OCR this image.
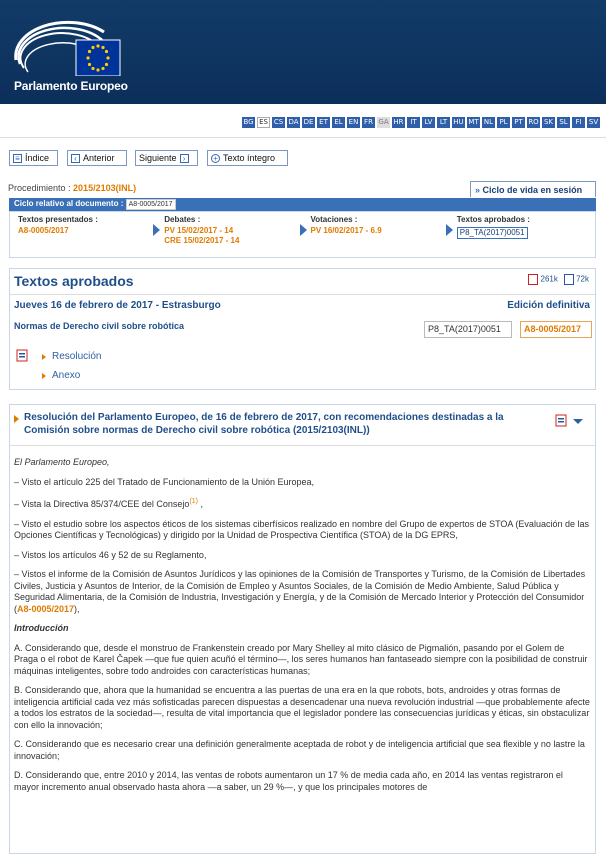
Parlamento Europeo
BG ES CS DA DE ET EL EN FR GA HR IT	LV	LT HU MT NL PL PT RO SK SL	FI	SV
≡ Índice	‹ Anterior	Siguiente ›	+ Texto íntegro
Procedimiento : 2015/2103(INL)	» Ciclo de vida en sesión
Ciclo relativo al documento : A8-0005/2017
Textos presentados :
A8-0005/2017
Debates :
PV 15/02/2017 - 14
CRE 15/02/2017 - 14
Votaciones :
PV 16/02/2017 - 6.9
Textos aprobados :
P8_TA(2017)0051
Textos aprobados	261k	72k
Jueves 16 de febrero de 2017 - Estrasburgo	Edición definitiva
Normas de Derecho civil sobre robótica	P8_TA(2017)0051	A8-0005/2017
Resolución
Anexo
Resolución del Parlamento Europeo, de 16 de febrero de 2017, con recomendaciones destinadas a la Comisión sobre normas de Derecho civil sobre robótica (2015/2103(INL))

El Parlamento Europeo,

– Visto el artículo 225 del Tratado de Funcionamiento de la Unión Europea,

– Vista la Directiva 85/374/CEE del Consejo$^{(1)}$ ,

– Visto el estudio sobre los aspectos éticos de los sistemas ciberfísicos realizado en nombre del Grupo de expertos de STOA (Evaluación de las Opciones Científicas y Tecnológicas) y dirigido por la Unidad de Prospectiva Científica (STOA) de la DG EPRS,

– Vistos los artículos 46 y 52 de su Reglamento,

– Vistos el informe de la Comisión de Asuntos Jurídicos y las opiniones de la Comisión de Transportes y Turismo, de la Comisión de Libertades Civiles, Justicia y Asuntos de Interior, de la Comisión de Empleo y Asuntos Sociales, de la Comisión de Medio Ambiente, Salud Pública y Seguridad Alimentaria, de la Comisión de Industria, Investigación y Energía, y de la Comisión de Mercado Interior y Protección del Consumidor (A8-0005/2017),

Introducción

A. Considerando que, desde el monstruo de Frankenstein creado por Mary Shelley al mito clásico de Pigmalión, pasando por el Golem de Praga o el robot de Karel Čapek —que fue quien acuñó el término—, los seres humanos han fantaseado siempre con la posibilidad de construir máquinas inteligentes, sobre todo androides con características humanas;

B. Considerando que, ahora que la humanidad se encuentra a las puertas de una era en la que robots, bots, androides y otras formas de inteligencia artificial cada vez más sofisticadas parecen dispuestas a desencadenar una nueva revolución industrial —que probablemente afecte a todos los estratos de la sociedad—, resulta de vital importancia que el legislador pondere las consecuencias jurídicas y éticas, sin obstaculizar con ello la innovación;

C. Considerando que es necesario crear una definición generalmente aceptada de robot y de inteligencia artificial que sea flexible y no lastre la innovación;

D. Considerando que, entre 2010 y 2014, las ventas de robots aumentaron un 17 % de media cada año, en 2014 las ventas registraron el mayor incremento anual observado hasta ahora —a saber, un 29 %—, y que los principales motores de
